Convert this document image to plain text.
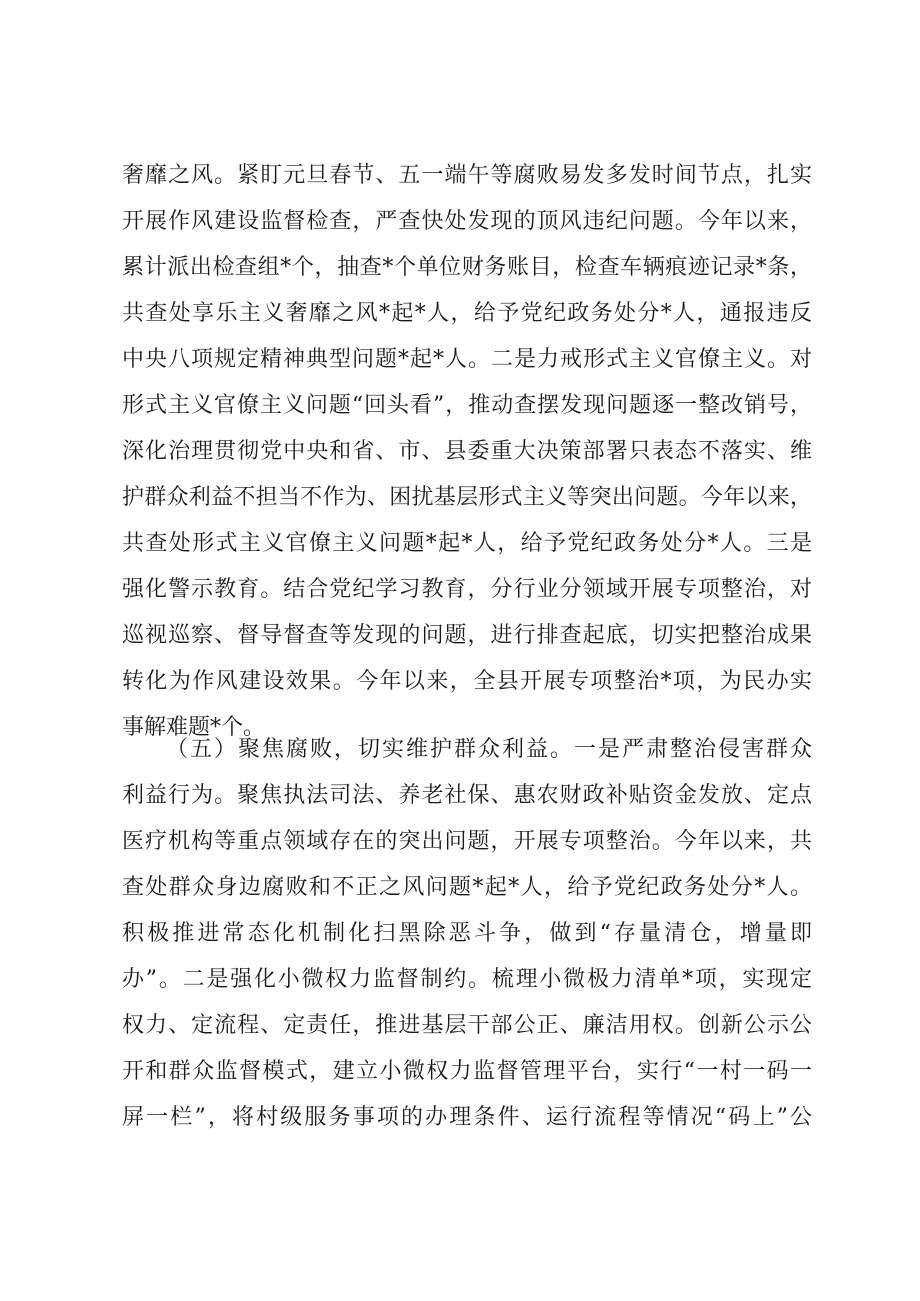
奢靡之风。紧盯元旦春节、五一端午等腐败易发多发时间节点，扎实
开展作风建设监督检查，严查快处发现的顶风违纪问题。今年以来，
累计派出检查组*个，抽查*个单位财务账目，检查车辆痕迹记录*条，
共查处享乐主义奢靡之风*起*人，给予党纪政务处分*人，通报违反
中央八项规定精神典型问题*起*人。二是力戒形式主义官僚主义。对
形式主义官僚主义问题“回头看”，推动查摆发现问题逐一整改销号，
深化治理贯彻党中央和省、市、县委重大决策部署只表态不落实、维
护群众利益不担当不作为、困扰基层形式主义等突出问题。今年以来，
共查处形式主义官僚主义问题*起*人，给予党纪政务处分*人。三是
强化警示教育。结合党纪学习教育，分行业分领域开展专项整治，对
巡视巡察、督导督查等发现的问题，进行排查起底，切实把整治成果
转化为作风建设效果。今年以来，全县开展专项整治*项，为民办实
事解难题*个。
（五）聚焦腐败，切实维护群众利益。一是严肃整治侵害群众
利益行为。聚焦执法司法、养老社保、惠农财政补贴资金发放、定点
医疗机构等重点领域存在的突出问题，开展专项整治。今年以来，共
查处群众身边腐败和不正之风问题*起*人，给予党纪政务处分*人。
积极推进常态化机制化扫黑除恶斗争，做到“存量清仓，增量即
办”。二是强化小微权力监督制约。梳理小微极力清单*项，实现定
权力、定流程、定责任，推进基层干部公正、廉洁用权。创新公示公
开和群众监督模式，建立小微权力监督管理平台，实行“一村一码一
屏一栏”，将村级服务事项的办理条件、运行流程等情况“码上”公
